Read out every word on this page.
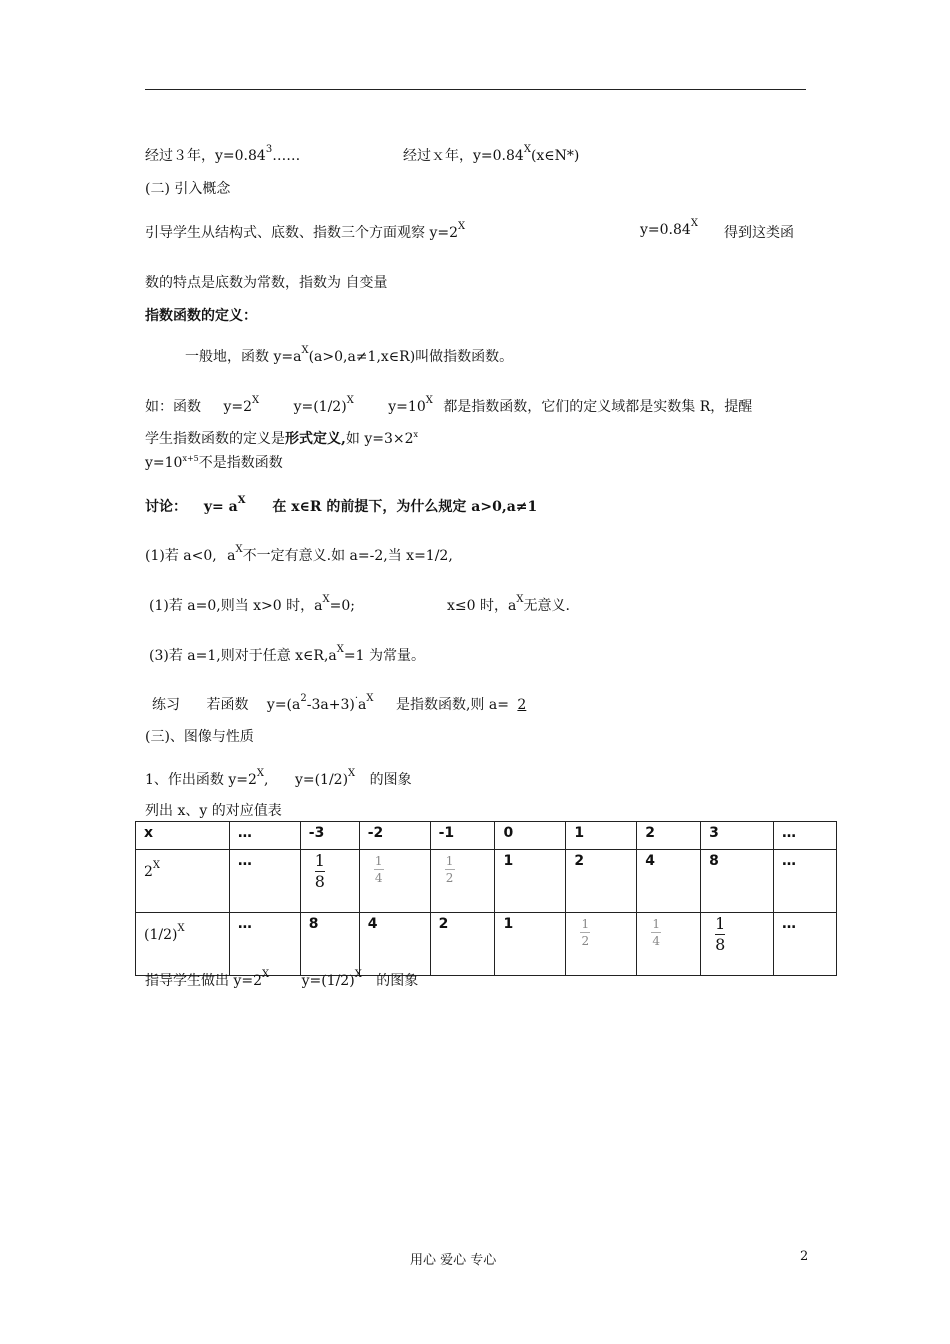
经过３年，$y=0.84^3\dots\dots$	经过ｘ年，$y=0.84^X(x\in N*)$
(二) 引入概念
引导学生从结构式、底数、指数三个方面观察 $y=2^X$	$y=0.84^X$
得到这类函
数的特点是底数为常数，指数为 自变量
指数函数的定义：
一般地，函数 $y=a^X(a>0,a\ne 1,x\in R)$叫做指数函数。
如：函数 $y=2^X$ $y=(1/2)^X$ $y=10^X$ 都是指数函数，它们的定义域都是实数集 R，提醒
学生指数函数的定义是形式定义,如 $y=3\times 2^x$
$y=10^{x+5}$不是指数函数
讨论： $y= a^X$ 在 x∈R 的前提下，为什么规定 a>0,a≠1
(1)若 a<0, $a^X$不一定有意义.如 a=-2,当 x=1/2,
(1)若 a=0,则当 x>0 时，$a^X=0$;	x≤0 时，$a^X$无意义.
(3)若 a=1,则对于任意 $x\in R,a^X=1$ 为常量。
练习 若函数 $y=(a^2-3a+3)^\cdot a^X$ 是指数函数,则 a= 2
(三)、图像与性质
1、作出函数 $y=2^X$, $y=(1/2)^X$ 的图象
列出 x、y 的对应值表
x	…	-3	-2	-1	0	1	2	3	…
$2^X$	…	$\frac{1}{8}$	$\frac{1}{4}$	$\frac{1}{2}$	1	2	4	8	…
$(1/2)^X$	…	8	4	2	1	$\frac{1}{2}$	$\frac{1}{4}$	$\frac{1}{8}$	…
指导学生做出 $y=2^X$ $y=(1/2)^X$ 的图象
用心 爱心 专心	2
